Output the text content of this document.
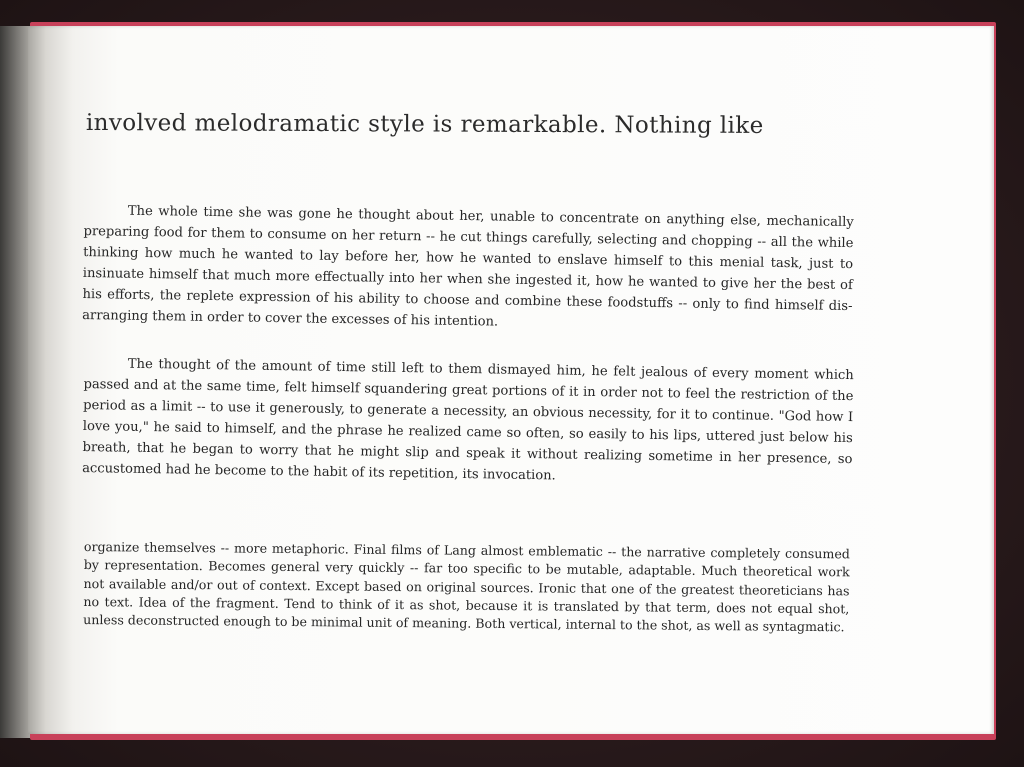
involved melodramatic style is remarkable. Nothing like

The whole time she was gone he thought about her, unable to concentrate on anything else, mechanically preparing food for them to consume on her return -- he cut things carefully, selecting and chopping -- all the while thinking how much he wanted to lay before her, how he wanted to enslave himself to this menial task, just to insinuate himself that much more effectually into her when she ingested it, how he wanted to give her the best of his efforts, the replete expression of his ability to choose and combine these foodstuffs -- only to find himself dis-arranging them in order to cover the excesses of his intention.

The thought of the amount of time still left to them dismayed him, he felt jealous of every moment which passed and at the same time, felt himself squandering great portions of it in order not to feel the restriction of the period as a limit -- to use it generously, to generate a necessity, an obvious necessity, for it to continue. "God how I love you," he said to himself, and the phrase he realized came so often, so easily to his lips, uttered just below his breath, that he began to worry that he might slip and speak it without realizing sometime in her presence, so accustomed had he become to the habit of its repetition, its invocation.

organize themselves -- more metaphoric. Final films of Lang almost emblematic -- the narrative completely consumed by representation. Becomes general very quickly -- far too specific to be mutable, adaptable. Much theoretical work not available and/or out of context. Except based on original sources. Ironic that one of the greatest theoreticians has no text. Idea of the fragment. Tend to think of it as shot, because it is translated by that term, does not equal shot, unless deconstructed enough to be minimal unit of meaning. Both vertical, internal to the shot, as well as syntagmatic.
